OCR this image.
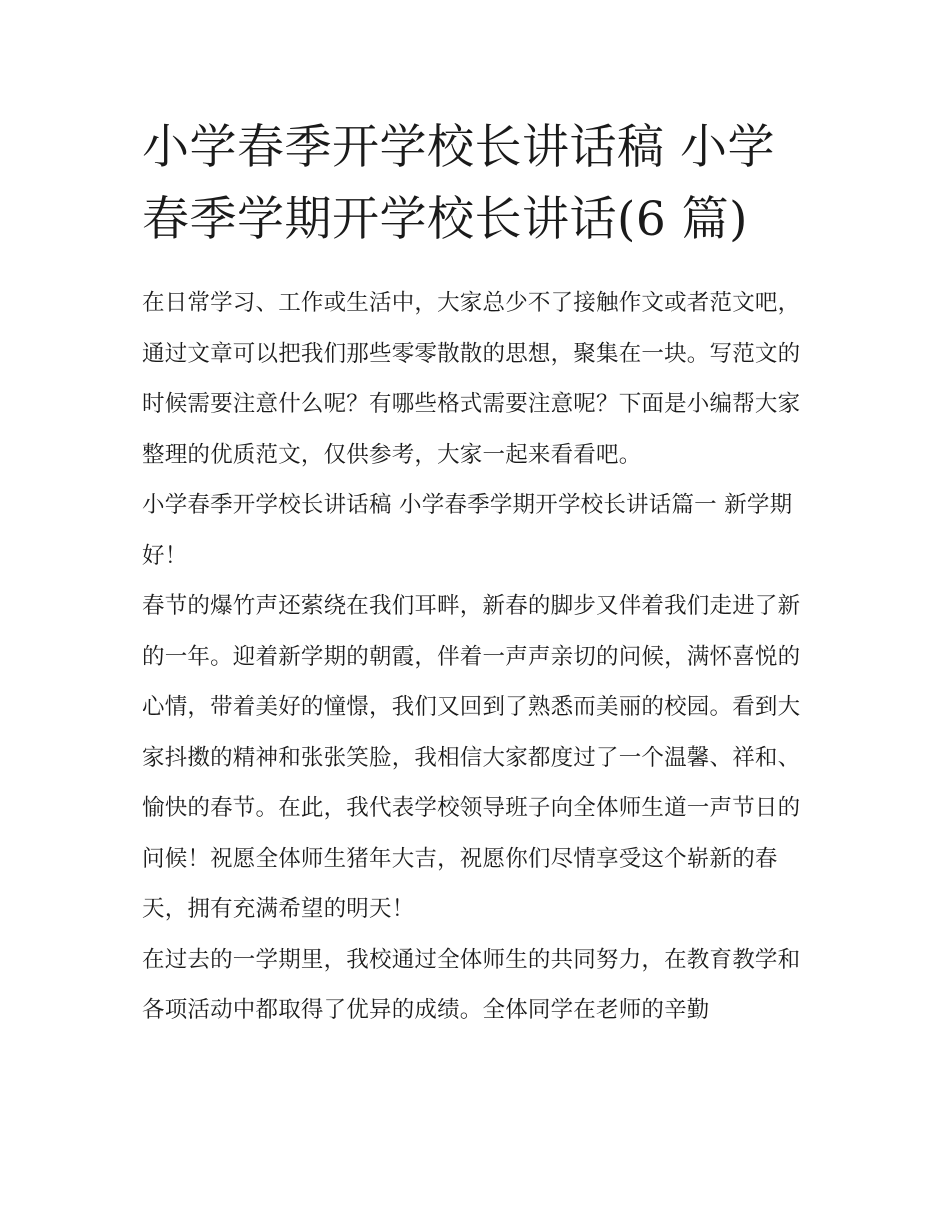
小学春季开学校长讲话稿 小学春季学期开学校长讲话(6 篇)

在日常学习、工作或生活中，大家总少不了接触作文或者范文吧，通过文章可以把我们那些零零散散的思想，聚集在一块。写范文的时候需要注意什么呢？有哪些格式需要注意呢？下面是小编帮大家整理的优质范文，仅供参考，大家一起来看看吧。

小学春季开学校长讲话稿 小学春季学期开学校长讲话篇一 新学期好！

春节的爆竹声还萦绕在我们耳畔，新春的脚步又伴着我们走进了新的一年。迎着新学期的朝霞，伴着一声声亲切的问候，满怀喜悦的心情，带着美好的憧憬，我们又回到了熟悉而美丽的校园。看到大家抖擞的精神和张张笑脸，我相信大家都度过了一个温馨、祥和、愉快的春节。在此，我代表学校领导班子向全体师生道一声节日的问候！祝愿全体师生猪年大吉，祝愿你们尽情享受这个崭新的春天，拥有充满希望的明天！

在过去的一学期里，我校通过全体师生的共同努力，在教育教学和各项活动中都取得了优异的成绩。全体同学在老师的辛勤
